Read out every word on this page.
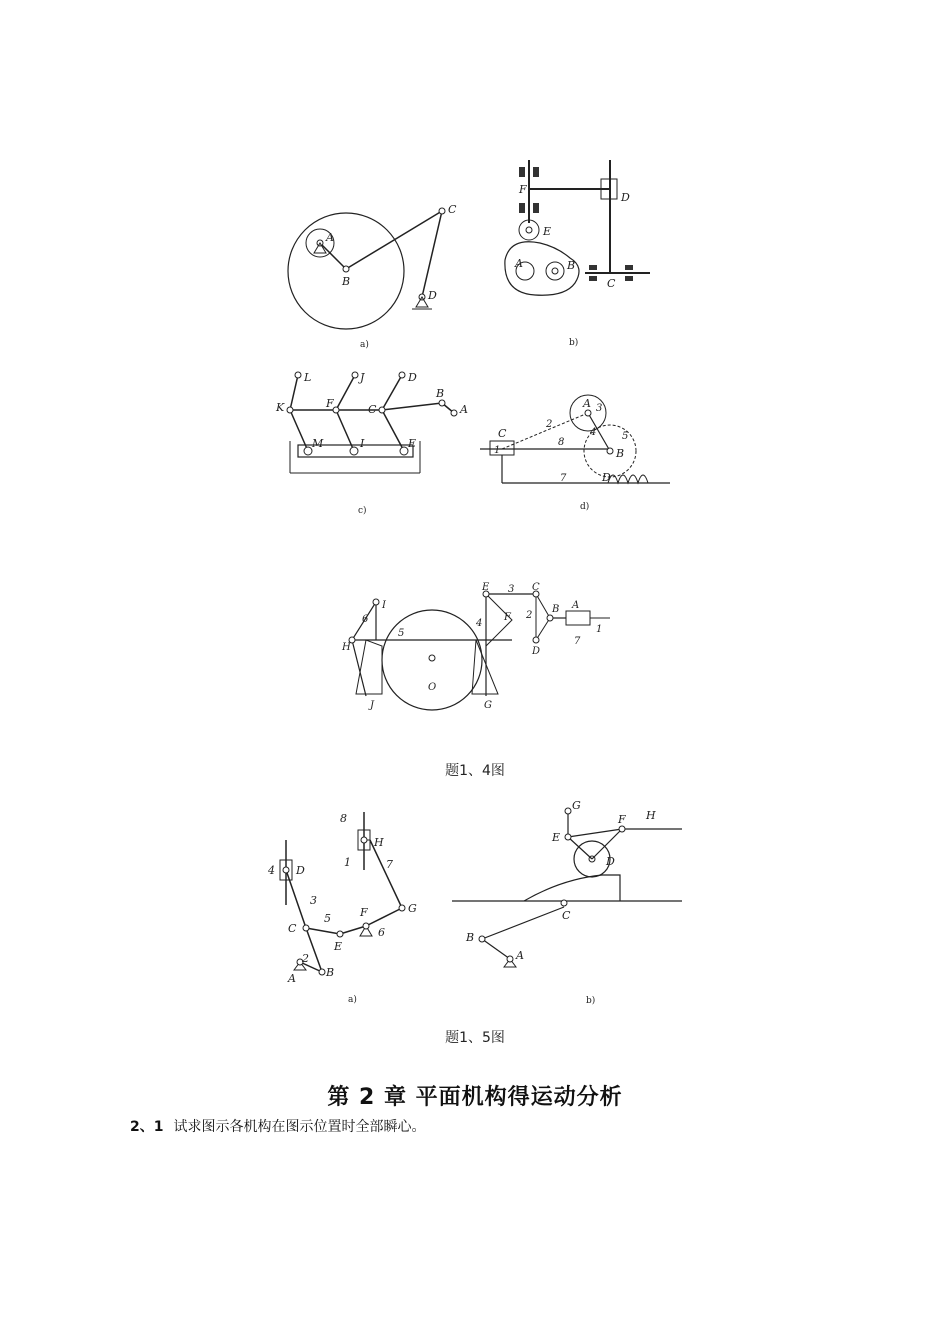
A
B
C
D
a)
F
D
E
A	B
C
b)
L	J	D
K	F	C
B
A
M	I	E
c)
A 3
2
4	5
C
1
8
B
7	D
d)
E 3 C
I
6	F
4
2
B A
1
H
5
O
J	G
D
7
题1、4图
8
H
4 D
1	7
3
C
5	F	G
E
6
2
A	B
a)
G
H
F
E
D
C
B
A
b)
题1、5图
第 2 章 平面机构得运动分析
2、1 试求图示各机构在图示位置时全部瞬心。
